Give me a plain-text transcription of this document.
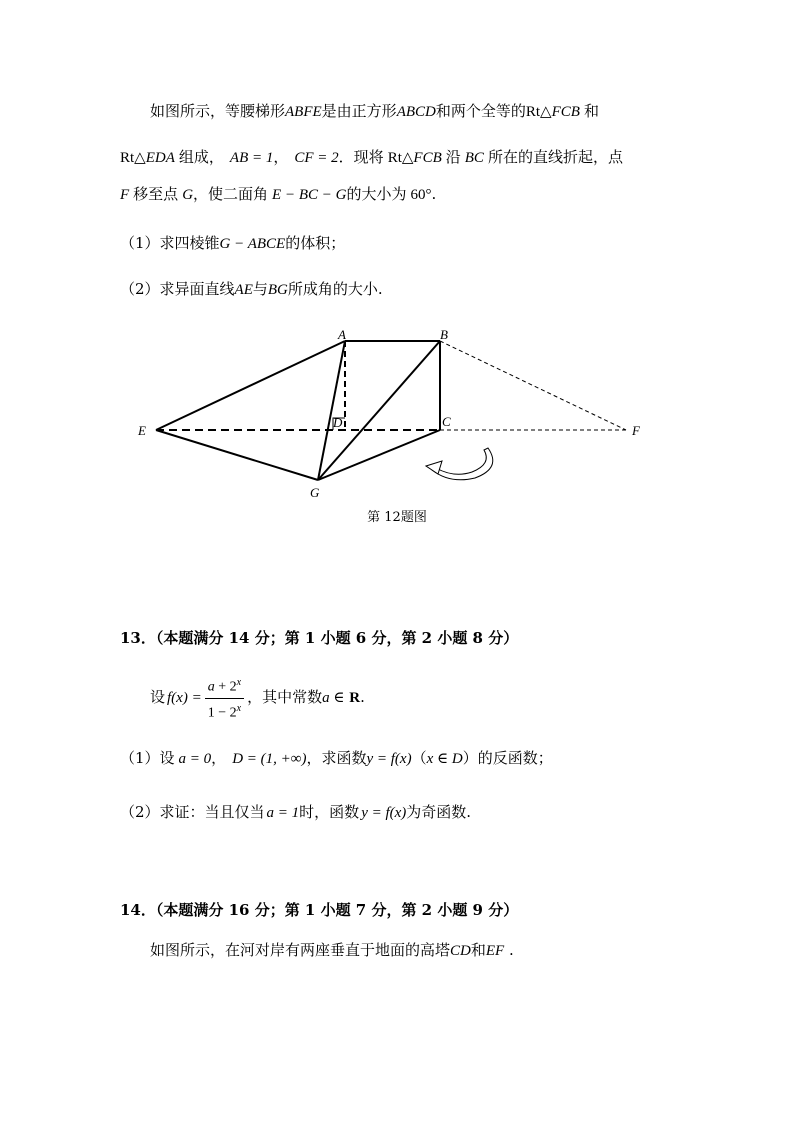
如图所示，等腰梯形ABFE是由正方形ABCD和两个全等的Rt△FCB 和
Rt△EDA 组成， AB = 1， CF = 2．现将 Rt△FCB 沿 BC 所在的直线折起，点
F 移至点 G，使二面角 E − BC − G的大小为 60°.
（1）求四棱锥G − ABCE的体积；
（2）求异面直线AE与BG所成角的大小.
A	B
C
D
E	F
G
第 12题图
13．（本题满分 14 分；第 1 小题 6 分，第 2 小题 8 分）
设 $f(x) = \frac{a + 2^x}{1 - 2^x}$ ，其中常数a ∈ R.
（1）设 a = 0， D = (1, +∞)，求函数y = f(x)（x ∈ D）的反函数；
（2）求证：当且仅当 a = 1时，函数 y = f(x)为奇函数.
14．（本题满分 16 分；第 1 小题 7 分，第 2 小题 9 分）
如图所示，在河对岸有两座垂直于地面的高塔CD和EF .
